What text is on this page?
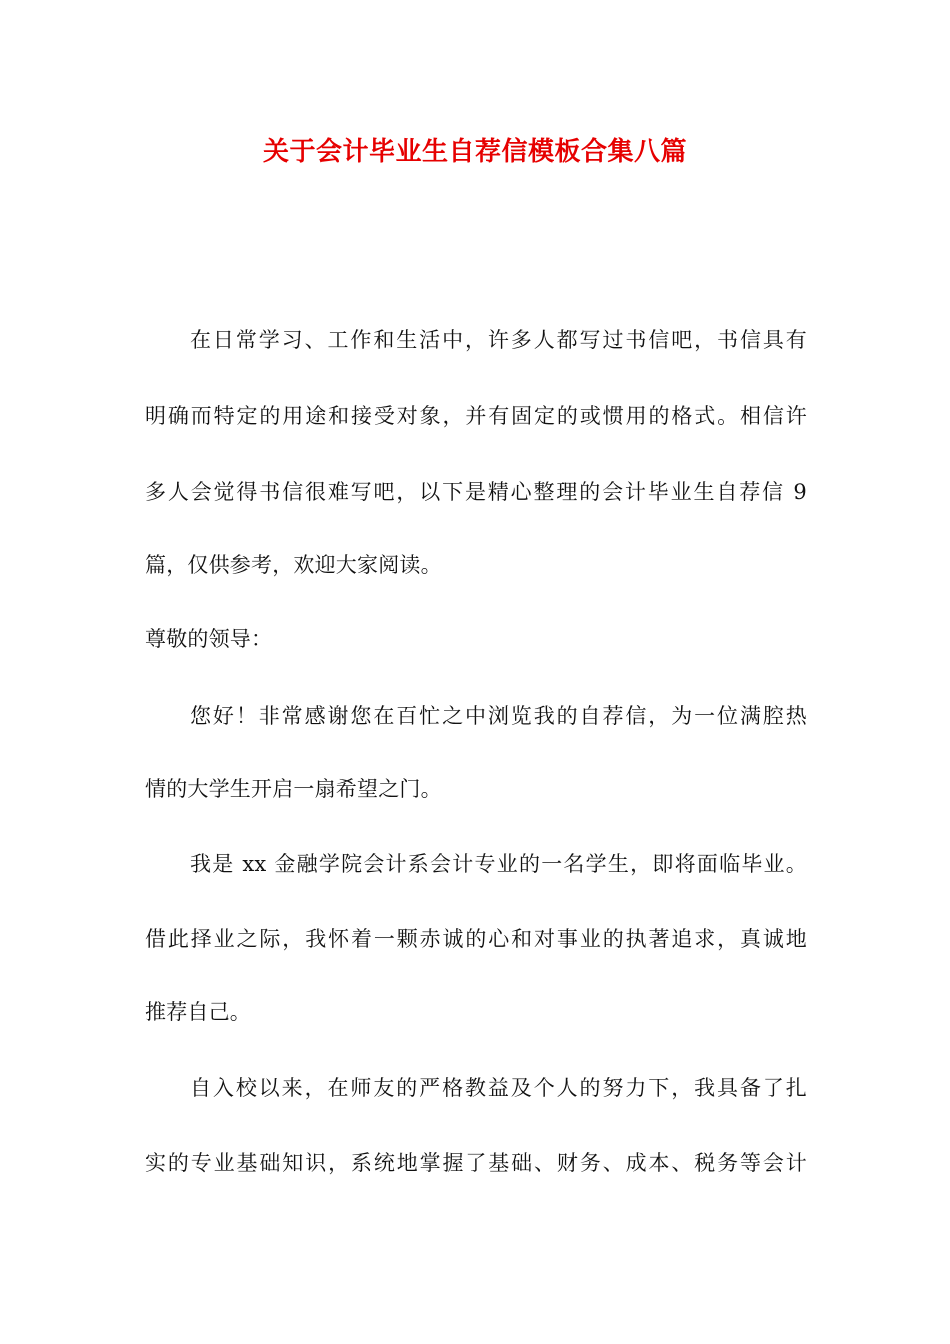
关于会计毕业生自荐信模板合集八篇

在日常学习、工作和生活中，许多人都写过书信吧，书信具有

明确而特定的用途和接受对象，并有固定的或惯用的格式。相信许

多人会觉得书信很难写吧，以下是精心整理的会计毕业生自荐信 9

篇，仅供参考，欢迎大家阅读。

尊敬的领导：

您好！非常感谢您在百忙之中浏览我的自荐信，为一位满腔热

情的大学生开启一扇希望之门。

我是 xx 金融学院会计系会计专业的一名学生，即将面临毕业。

借此择业之际，我怀着一颗赤诚的心和对事业的执著追求，真诚地

推荐自己。

自入校以来，在师友的严格教益及个人的努力下，我具备了扎

实的专业基础知识，系统地掌握了基础、财务、成本、税务等会计
